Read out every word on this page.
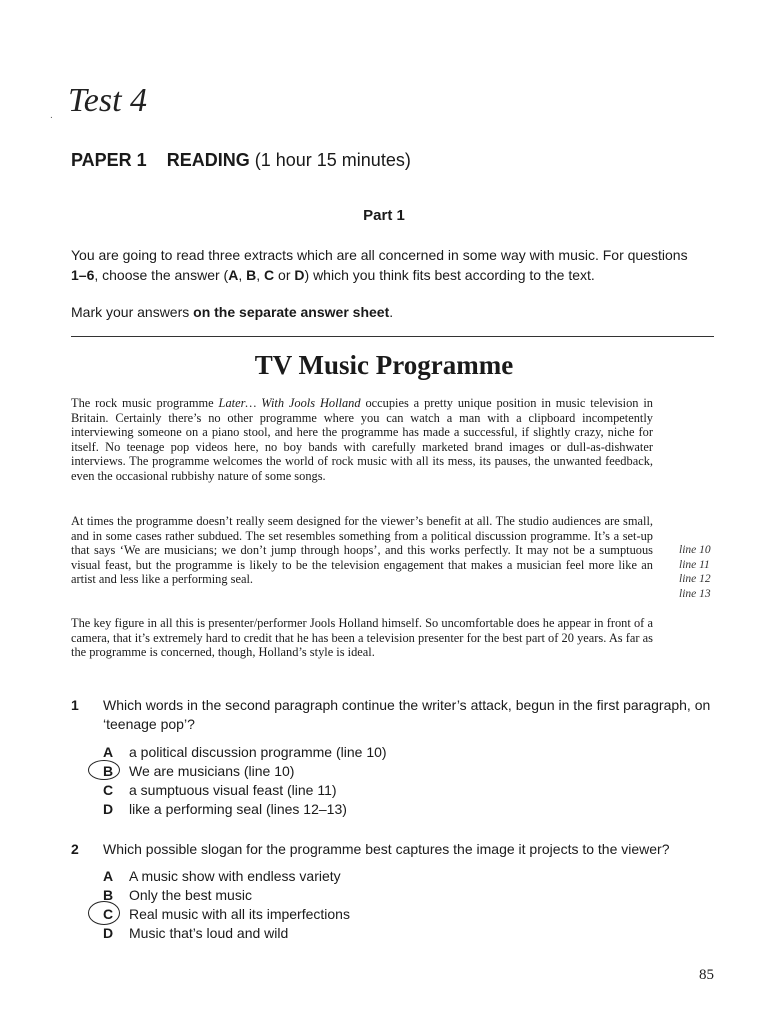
. Test 4
PAPER 1 READING (1 hour 15 minutes)
Part 1
You are going to read three extracts which are all concerned in some way with music. For questions
1–6, choose the answer (A, B, C or D) which you think fits best according to the text.
Mark your answers on the separate answer sheet.
TV Music Programme
The rock music programme Later… With Jools Holland occupies a pretty unique position in music television in Britain. Certainly there’s no other programme where you can watch a man with a clipboard incompetently interviewing someone on a piano stool, and here the programme has made a successful, if slightly crazy, niche for itself. No teenage pop videos here, no boy bands with carefully marketed brand images or dull-as-dishwater interviews. The programme welcomes the world of rock music with all its mess, its pauses, the unwanted feedback, even the occasional rubbishy nature of some songs.
At times the programme doesn’t really seem designed for the viewer’s benefit at all. The studio audiences are small, and in some cases rather subdued. The set resembles something from a political discussion programme. It’s a set-up that says ‘We are musicians; we don’t jump through hoops’, and this works perfectly. It may not be a sumptuous visual feast, but the programme is likely to be the television engagement that makes a musician feel more like an artist and less like a performing seal.
The key figure in all this is presenter/performer Jools Holland himself. So uncomfortable does he appear in front of a camera, that it’s extremely hard to credit that he has been a television presenter for the best part of 20 years. As far as the programme is concerned, though, Holland’s style is ideal.
line 10
line 11
line 12
line 13
1 Which words in the second paragraph continue the writer’s attack, begun in the first paragraph, on ‘teenage pop’?
A a political discussion programme (line 10)
B We are musicians (line 10)
C a sumptuous visual feast (line 11)
D like a performing seal (lines 12–13)
2 Which possible slogan for the programme best captures the image it projects to the viewer?
A A music show with endless variety
B Only the best music
C Real music with all its imperfections
D Music that’s loud and wild
85
